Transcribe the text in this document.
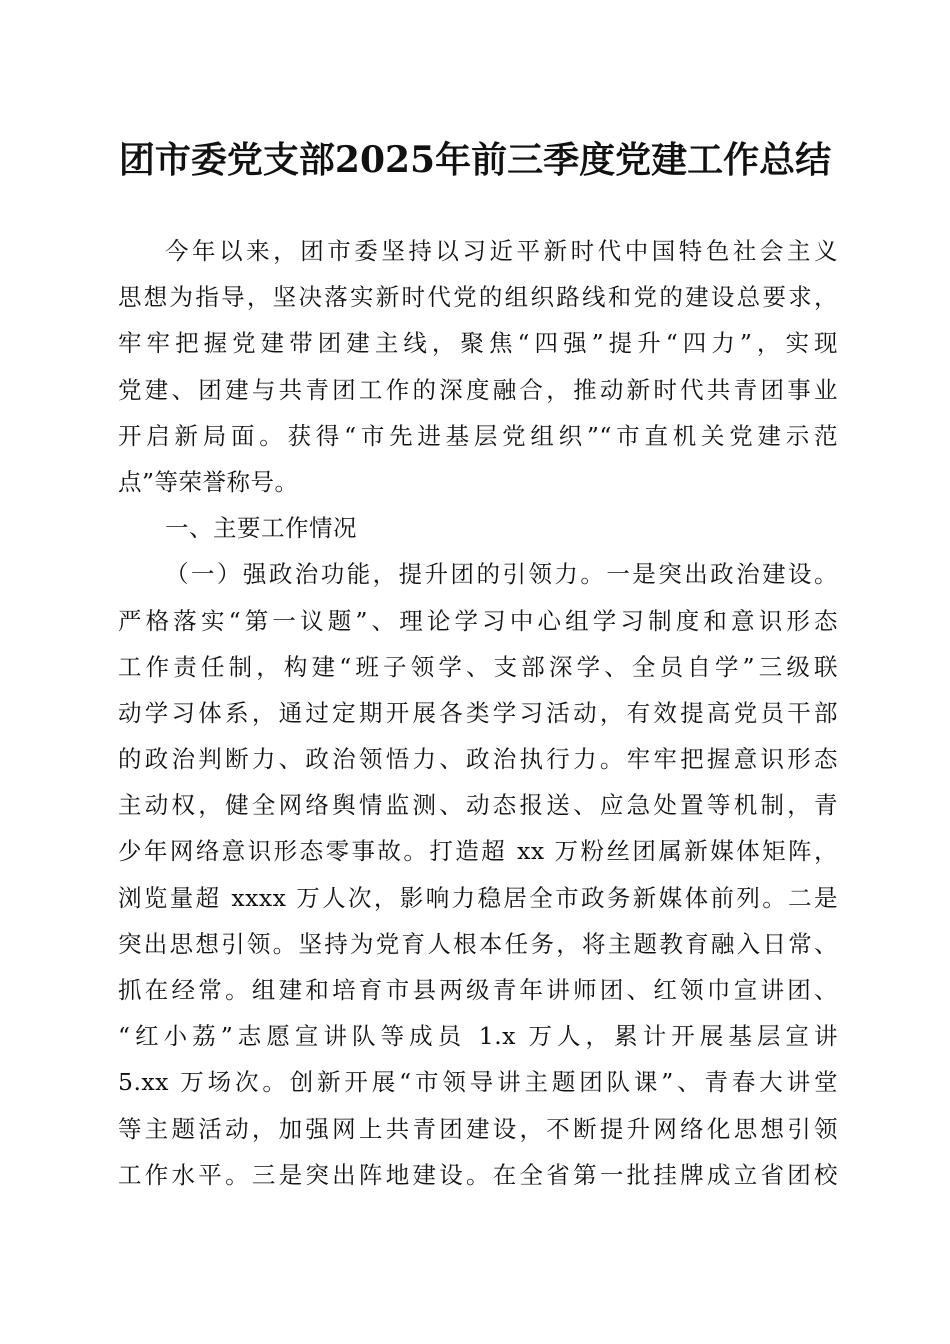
团市委党支部2025年前三季度党建工作总结
今年以来，团市委坚持以习近平新时代中国特色社会主义
思想为指导，坚决落实新时代党的组织路线和党的建设总要求，
牢牢把握党建带团建主线，聚焦“四强”提升“四力”，实现
党建、团建与共青团工作的深度融合，推动新时代共青团事业
开启新局面。获得“市先进基层党组织”“市直机关党建示范
点”等荣誉称号。
一、主要工作情况
（一）强政治功能，提升团的引领力。一是突出政治建设。
严格落实“第一议题”、理论学习中心组学习制度和意识形态
工作责任制，构建“班子领学、支部深学、全员自学”三级联
动学习体系，通过定期开展各类学习活动，有效提高党员干部
的政治判断力、政治领悟力、政治执行力。牢牢把握意识形态
主动权，健全网络舆情监测、动态报送、应急处置等机制，青
少年网络意识形态零事故。打造超 xx 万粉丝团属新媒体矩阵，
浏览量超 xxxx 万人次，影响力稳居全市政务新媒体前列。二是
突出思想引领。坚持为党育人根本任务，将主题教育融入日常、
抓在经常。组建和培育市县两级青年讲师团、红领巾宣讲团、
“红小荔”志愿宣讲队等成员 1.x 万人，累计开展基层宣讲
5.xx 万场次。创新开展“市领导讲主题团队课”、青春大讲堂
等主题活动，加强网上共青团建设，不断提升网络化思想引领
工作水平。三是突出阵地建设。在全省第一批挂牌成立省团校
